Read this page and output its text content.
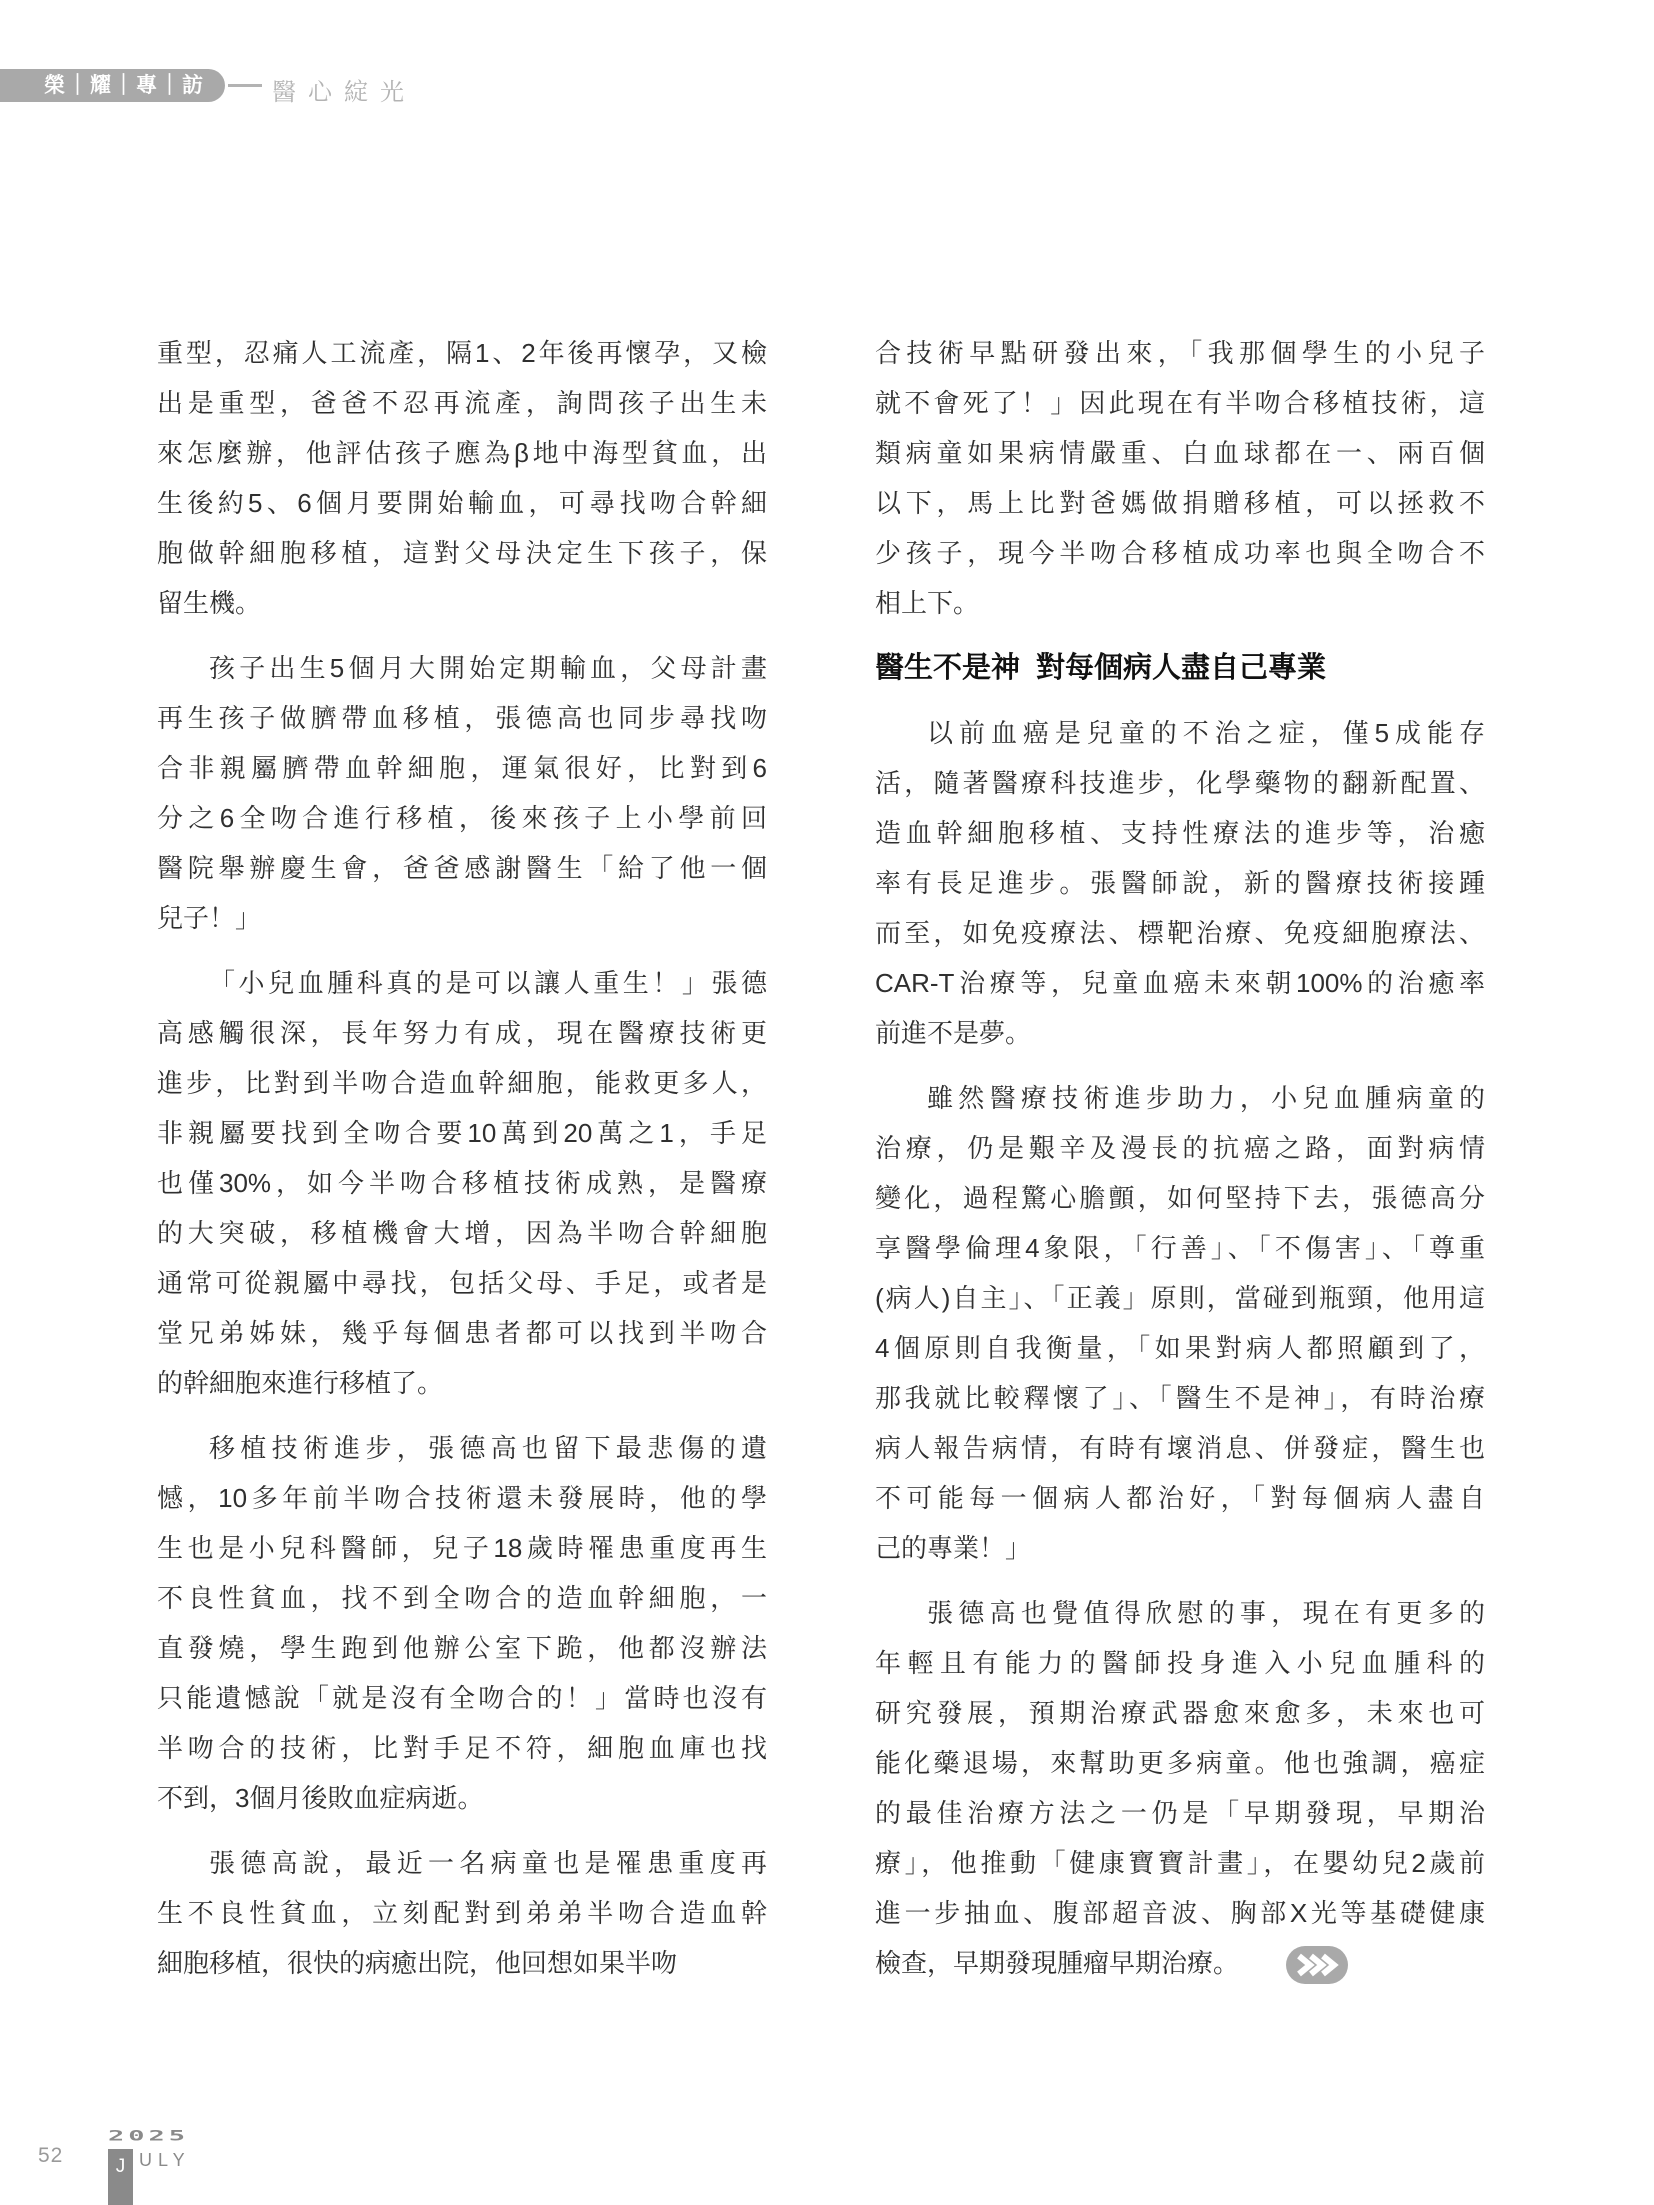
榮｜耀｜專｜訪	醫心綻光
重型，忍痛人工流產，隔1、2年後再懷孕，又檢
出是重型，爸爸不忍再流產，詢問孩子出生未
來怎麼辦，他評估孩子應為β地中海型貧血，出
生後約5、6個月要開始輸血，可尋找吻合幹細
胞做幹細胞移植，這對父母決定生下孩子，保
留生機。
孩子出生5個月大開始定期輸血，父母計畫
再生孩子做臍帶血移植，張德高也同步尋找吻
合非親屬臍帶血幹細胞，運氣很好，比對到6
分之6全吻合進行移植，後來孩子上小學前回
醫院舉辦慶生會，爸爸感謝醫生「給了他一個
兒子！」
「小兒血腫科真的是可以讓人重生！」張德
高感觸很深，長年努力有成，現在醫療技術更
進步，比對到半吻合造血幹細胞，能救更多人，
非親屬要找到全吻合要10萬到20萬之1，手足
也僅30%，如今半吻合移植技術成熟，是醫療
的大突破，移植機會大增，因為半吻合幹細胞
通常可從親屬中尋找，包括父母、手足，或者是
堂兄弟姊妹，幾乎每個患者都可以找到半吻合
的幹細胞來進行移植了。
移植技術進步，張德高也留下最悲傷的遺
憾，10多年前半吻合技術還未發展時，他的學
生也是小兒科醫師，兒子18歲時罹患重度再生
不良性貧血，找不到全吻合的造血幹細胞，一
直發燒，學生跑到他辦公室下跪，他都沒辦法
只能遺憾說「就是沒有全吻合的！」當時也沒有
半吻合的技術，比對手足不符，細胞血庫也找
不到，3個月後敗血症病逝。
張德高說，最近一名病童也是罹患重度再
生不良性貧血，立刻配對到弟弟半吻合造血幹
細胞移植，很快的病癒出院，他回想如果半吻
合技術早點研發出來，「我那個學生的小兒子
就不會死了！」因此現在有半吻合移植技術，這
類病童如果病情嚴重、白血球都在一、兩百個
以下，馬上比對爸媽做捐贈移植，可以拯救不
少孩子，現今半吻合移植成功率也與全吻合不
相上下。
醫生不是神 對每個病人盡自己專業
以前血癌是兒童的不治之症，僅5成能存
活，隨著醫療科技進步，化學藥物的翻新配置、
造血幹細胞移植、支持性療法的進步等，治癒
率有長足進步。張醫師說，新的醫療技術接踵
而至，如免疫療法、標靶治療、免疫細胞療法、
CAR-T治療等，兒童血癌未來朝100%的治癒率
前進不是夢。
雖然醫療技術進步助力，小兒血腫病童的
治療，仍是艱辛及漫長的抗癌之路，面對病情
變化，過程驚心膽顫，如何堅持下去，張德高分
享醫學倫理4象限，「行善」、「不傷害」、「尊重
(病人)自主」、「正義」原則，當碰到瓶頸，他用這
4個原則自我衡量，「如果對病人都照顧到了，
那我就比較釋懷了」、「醫生不是神」，有時治療
病人報告病情，有時有壞消息、併發症，醫生也
不可能每一個病人都治好，「對每個病人盡自
己的專業！」
張德高也覺值得欣慰的事，現在有更多的
年輕且有能力的醫師投身進入小兒血腫科的
研究發展，預期治療武器愈來愈多，未來也可
能化藥退場，來幫助更多病童。他也強調，癌症
的最佳治療方法之一仍是「早期發現，早期治
療」，他推動「健康寶寶計畫」，在嬰幼兒2歲前
進一步抽血、腹部超音波、胸部X光等基礎健康
檢查，早期發現腫瘤早期治療。
52
2025
J ULY
